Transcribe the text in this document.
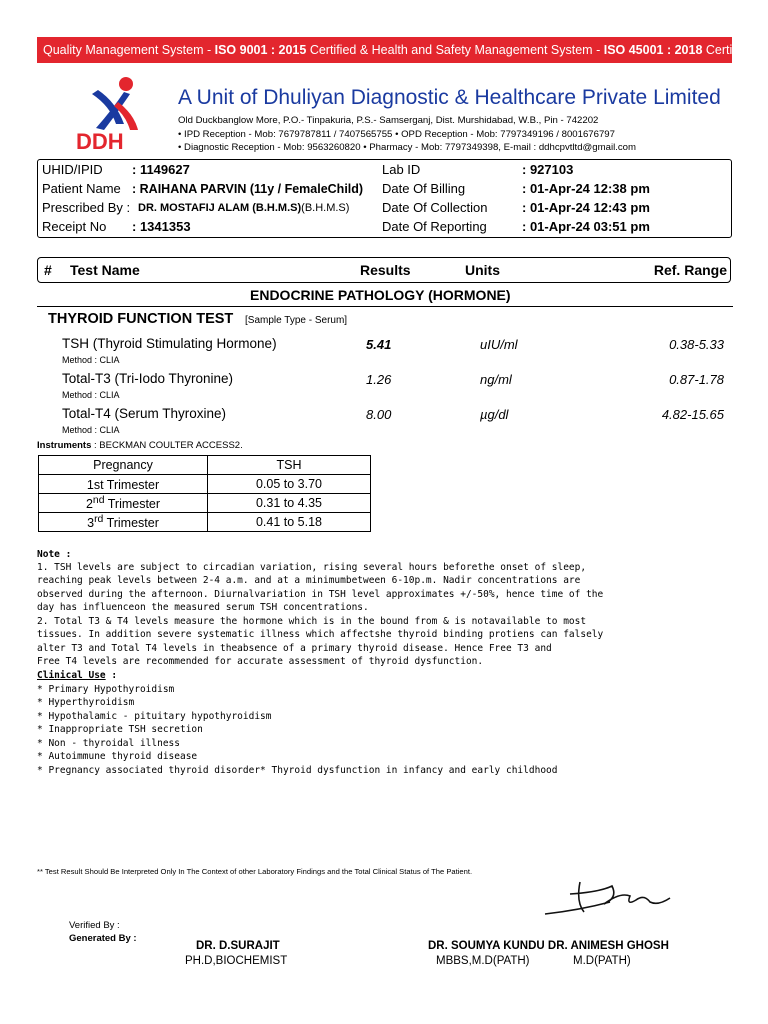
Quality Management System - ISO 9001 : 2015 Certified & Health and Safety Management System - ISO 45001 : 2018 Certified
DDH
A Unit of Dhuliyan Diagnostic & Healthcare Private Limited
Old Duckbanglow More, P.O.- Tinpakuria, P.S.- Samserganj, Dist. Murshidabad, W.B., Pin - 742202
• IPD Reception - Mob: 7679787811 / 7407565755 • OPD Reception - Mob: 7797349196 / 8001676797
• Diagnostic Reception - Mob: 9563260820 • Pharmacy - Mob: 7797349398, E-mail : ddhcpvtltd@gmail.com
UHID/IPID : 1149627
Patient Name : RAIHANA PARVIN (11y / FemaleChild)
Prescribed By : DR. MOSTAFIJ ALAM (B.H.M.S)(B.H.M.S)
Receipt No : 1341353
Lab ID	: 927103
Date Of Billing	: 01-Apr-24 12:38 pm
Date Of Collection	: 01-Apr-24 12:43 pm
Date Of Reporting	: 01-Apr-24 03:51 pm
# Test Name	Results	Units	Ref. Range
ENDOCRINE PATHOLOGY (HORMONE)
THYROID FUNCTION TEST [Sample Type - Serum]
TSH (Thyroid Stimulating Hormone)	5.41	uIU/ml	0.38-5.33
Method : CLIA
Total-T3 (Tri-Iodo Thyronine)	1.26	ng/ml	0.87-1.78
Method : CLIA
Total-T4 (Serum Thyroxine)	8.00	µg/dl	4.82-15.65
Method : CLIA
Instruments : BECKMAN COULTER ACCESS2.
Pregnancy	TSH
1st Trimester	0.05 to 3.70
2nd Trimester	0.31 to 4.35
3rd Trimester	0.41 to 5.18
Note :
1. TSH levels are subject to circadian variation, rising several hours beforethe onset of sleep,
reaching peak levels between 2-4 a.m. and at a minimumbetween 6-10p.m. Nadir concentrations are
observed during the afternoon. Diurnalvariation in TSH level approximates +/-50%, hence time of the
day has influenceon the measured serum TSH concentrations.
2. Total T3 & T4 levels measure the hormone which is in the bound from & is notavailable to most
tissues. In addition severe systematic illness which affectshe thyroid binding protiens can falsely
alter T3 and Total T4 levels in theabsence of a primary thyroid disease. Hence Free T3 and
Free T4 levels are recommended for accurate assessment of thyroid dysfunction.
Clinical Use :
* Primary Hypothyroidism
* Hyperthyroidism
* Hypothalamic - pituitary hypothyroidism
* Inappropriate TSH secretion
* Non - thyroidal illness
* Autoimmune thyroid disease
* Pregnancy associated thyroid disorder* Thyroid dysfunction in infancy and early childhood
** Test Result Should Be Interpreted Only In The Context of other Laboratory Findings and the Total Clinical Status of The Patient.
Verified By :
Generated By :
DR. D.SURAJIT
PH.D,BIOCHEMIST
DR. SOUMYA KUNDU DR. ANIMESH GHOSH
MBBS,M.D(PATH)	M.D(PATH)
